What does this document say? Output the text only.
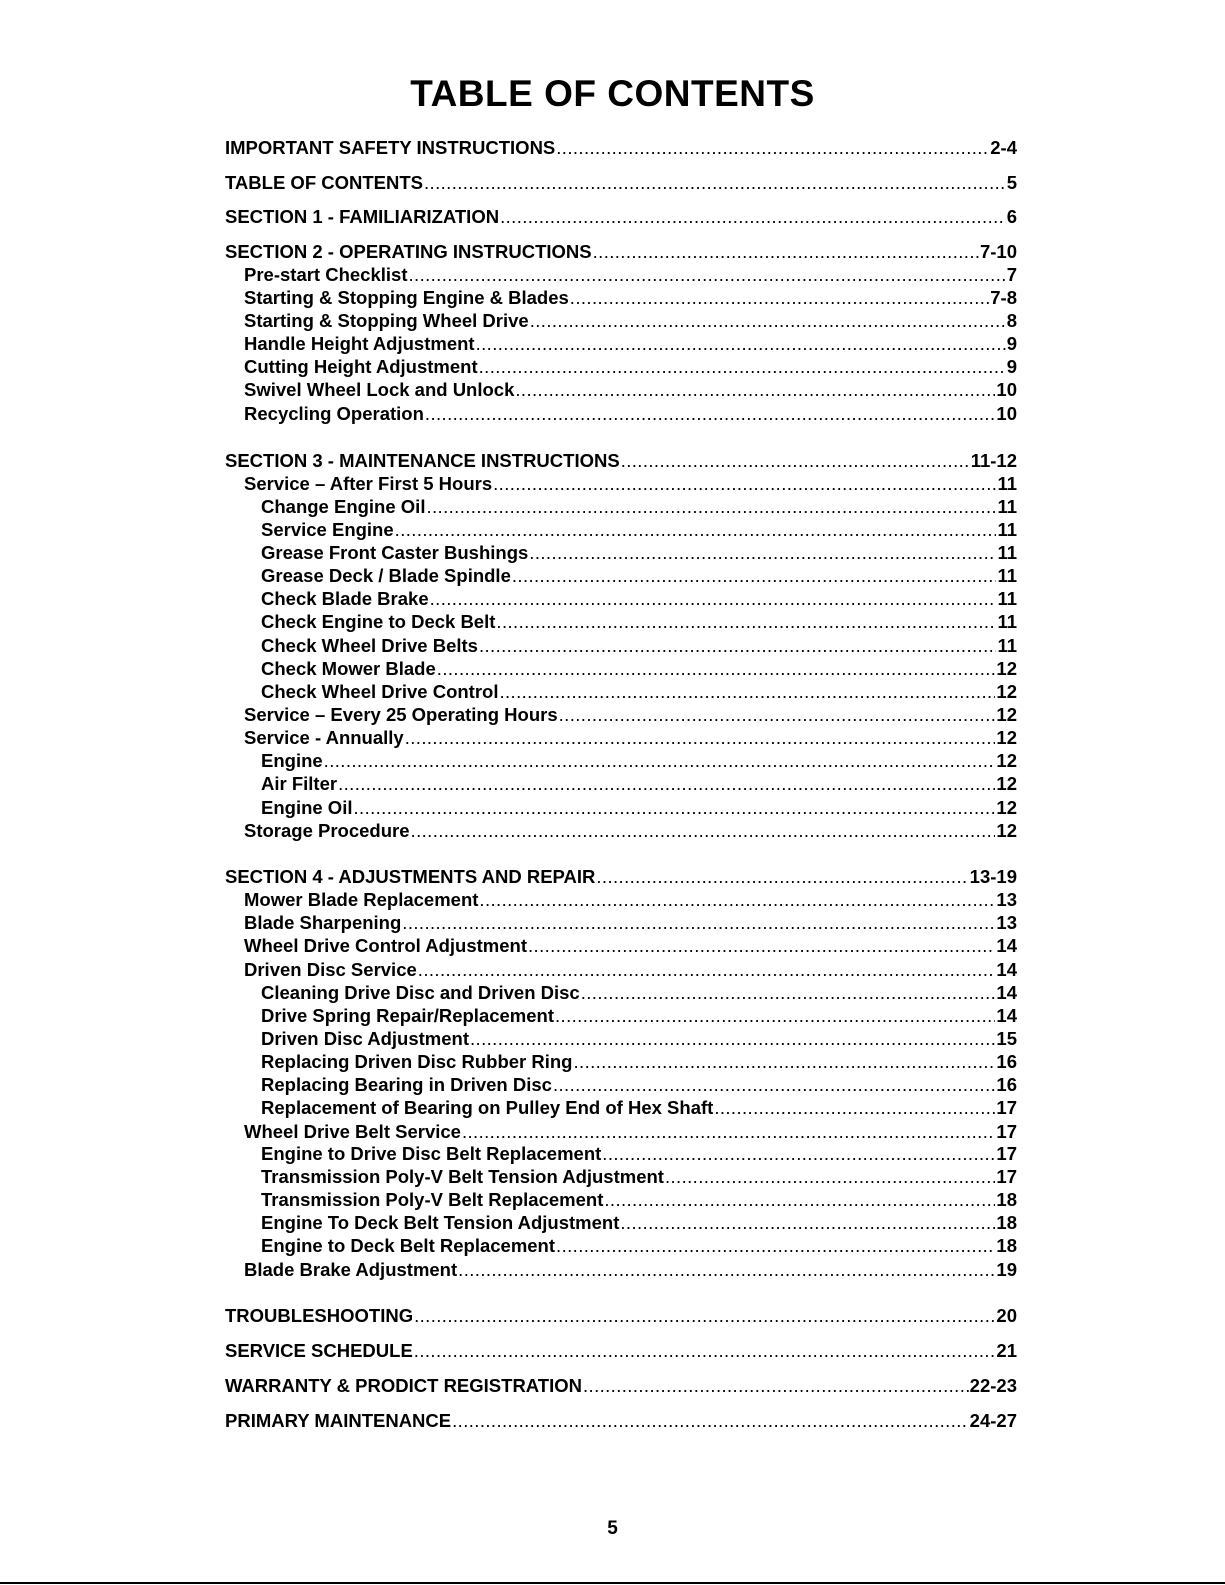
TABLE OF CONTENTS
IMPORTANT SAFETY INSTRUCTIONS .....	2-4
TABLE OF CONTENTS .....	5
SECTION 1 - FAMILIARIZATION .....	6
SECTION 2 - OPERATING INSTRUCTIONS .....	7-10
Pre-start Checklist .....	7
Starting & Stopping Engine & Blades .....	7-8
Starting & Stopping Wheel Drive .....	8
Handle Height Adjustment .....	9
Cutting Height Adjustment .....	9
Swivel Wheel Lock and Unlock .....	10
Recycling Operation .....	10
SECTION 3 - MAINTENANCE INSTRUCTIONS .....	11-12
Service – After First 5 Hours .....	11
Change Engine Oil .....	11
Service Engine .....	11
Grease Front Caster Bushings .....	11
Grease Deck / Blade Spindle .....	11
Check Blade Brake .....	11
Check Engine to Deck Belt .....	11
Check Wheel Drive Belts .....	11
Check Mower Blade .....	12
Check Wheel Drive Control .....	12
Service – Every 25 Operating Hours .....	12
Service - Annually .....	12
Engine .....	12
Air Filter .....	12
Engine Oil .....	12
Storage Procedure .....	12
SECTION 4 - ADJUSTMENTS AND REPAIR .....	13-19
Mower Blade Replacement .....	13
Blade Sharpening .....	13
Wheel Drive Control Adjustment .....	14
Driven Disc Service .....	14
Cleaning Drive Disc and Driven Disc .....	14
Drive Spring Repair/Replacement .....	14
Driven Disc Adjustment .....	15
Replacing Driven Disc Rubber Ring .....	16
Replacing Bearing in Driven Disc .....	16
Replacement of Bearing on Pulley End of Hex Shaft .....	17
Wheel Drive Belt Service .....	17
Engine to Drive Disc Belt Replacement .....	17
Transmission Poly-V Belt Tension Adjustment .....	17
Transmission Poly-V Belt Replacement .....	18
Engine To Deck Belt Tension Adjustment .....	18
Engine to Deck Belt Replacement .....	18
Blade Brake Adjustment .....	19
TROUBLESHOOTING .....	20
SERVICE SCHEDULE .....	21
WARRANTY & PRODICT REGISTRATION .....	22-23
PRIMARY MAINTENANCE .....	24-27
5
